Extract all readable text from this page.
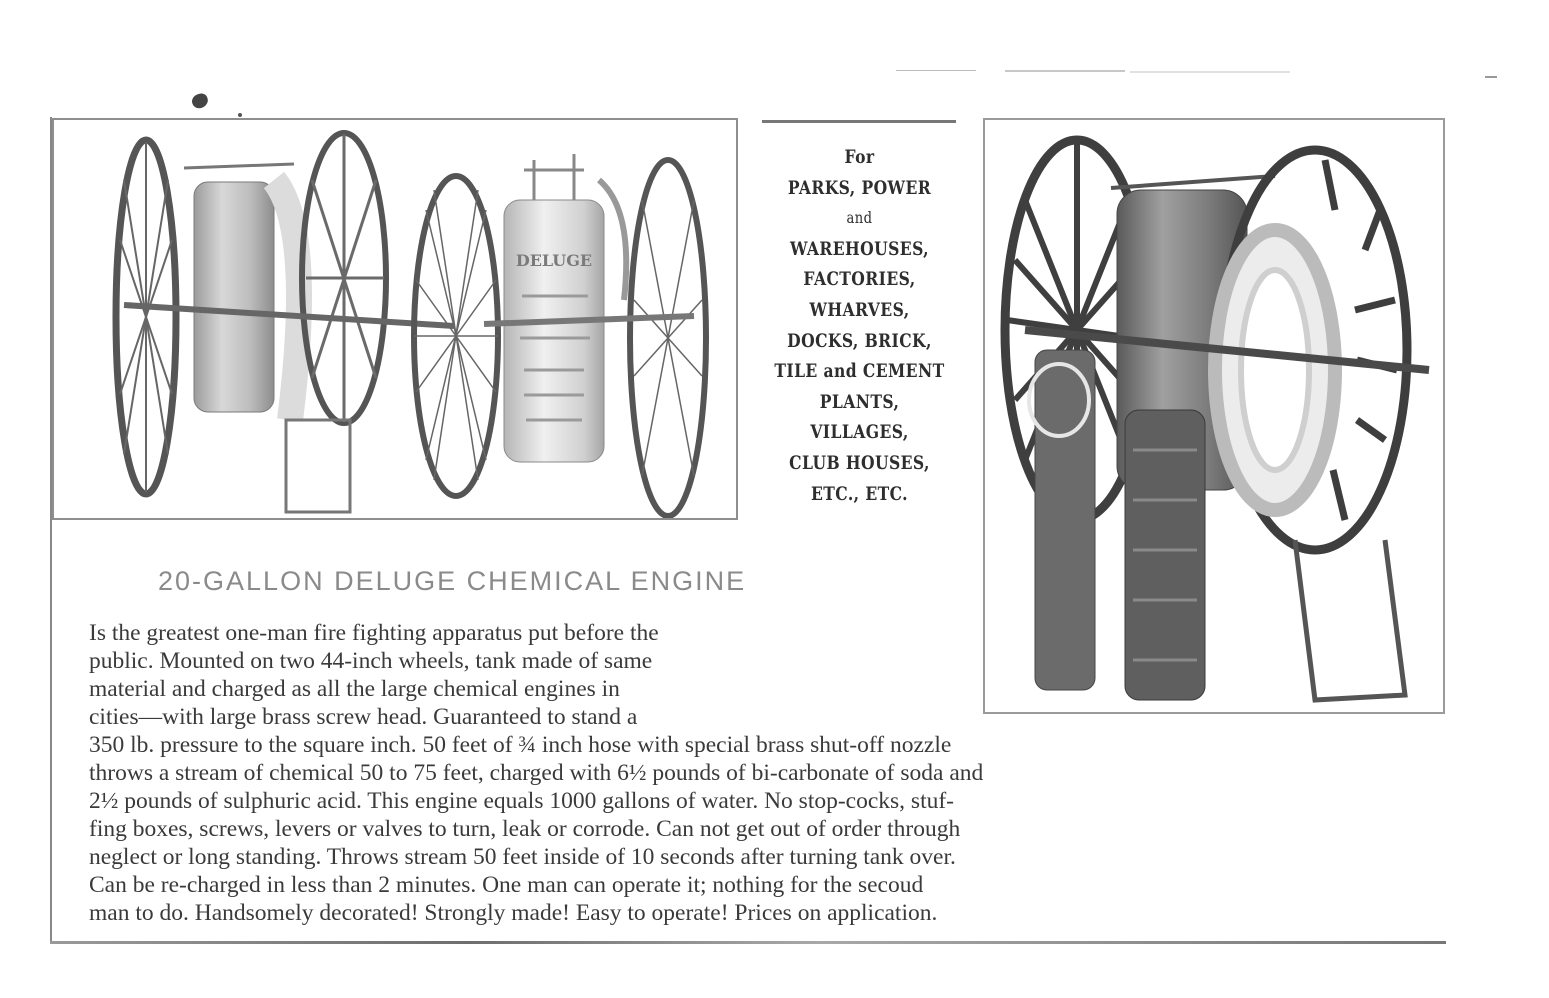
DELUGE
For
PARKS, POWER
and
WAREHOUSES,
FACTORIES,
WHARVES,
DOCKS, BRICK,
TILE and CEMENT
PLANTS,
VILLAGES,
CLUB HOUSES,
ETC., ETC.
20-GALLON DELUGE CHEMICAL ENGINE
Is the greatest one-man fire fighting apparatus put before the
public. Mounted on two 44-inch wheels, tank made of same
material and charged as all the large chemical engines in
cities—with large brass screw head. Guaranteed to stand a
350 lb. pressure to the square inch. 50 feet of ¾ inch hose with special brass shut-off nozzle
throws a stream of chemical 50 to 75 feet, charged with 6½ pounds of bi-carbonate of soda and
2½ pounds of sulphuric acid. This engine equals 1000 gallons of water. No stop-cocks, stuf-
fing boxes, screws, levers or valves to turn, leak or corrode. Can not get out of order through
neglect or long standing. Throws stream 50 feet inside of 10 seconds after turning tank over.
Can be re-charged in less than 2 minutes. One man can operate it; nothing for the secoud
man to do. Handsomely decorated! Strongly made! Easy to operate! Prices on application.
